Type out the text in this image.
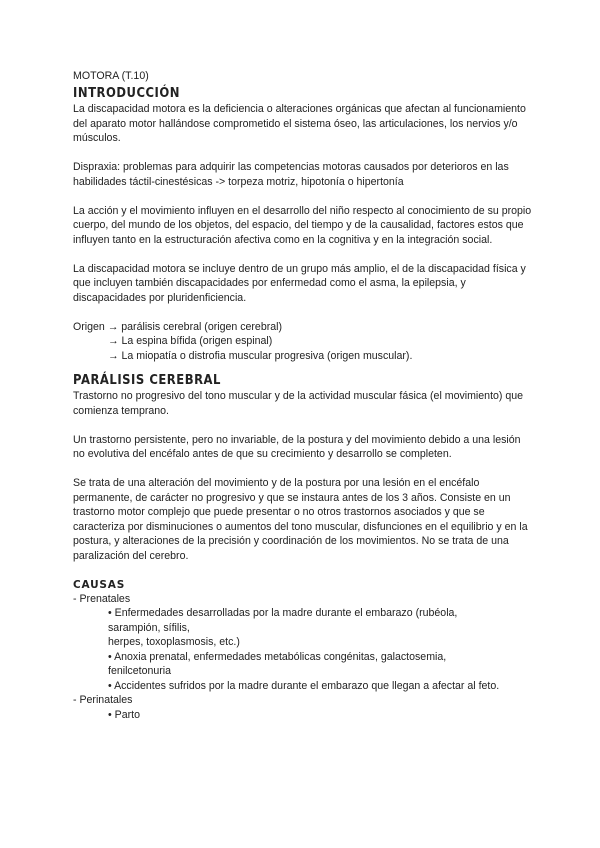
MOTORA (T.10)

INTRODUCCIÓN

La discapacidad motora es la deficiencia o alteraciones orgánicas que afectan al funcionamiento del aparato motor hallándose comprometido el sistema óseo, las articulaciones, los nervios y/o músculos.

Dispraxia: problemas para adquirir las competencias motoras causados por deterioros en las habilidades táctil-cinestésicas -> torpeza motriz, hipotonía o hipertonía

La acción y el movimiento influyen en el desarrollo del niño respecto al conocimiento de su propio cuerpo, del mundo de los objetos, del espacio, del tiempo y de la causalidad, factores estos que influyen tanto en la estructuración afectiva como en la cognitiva y en la integración social.

La discapacidad motora se incluye dentro de un grupo más amplio, el de la discapacidad física y que incluyen también discapacidades por enfermedad como el asma, la epilepsia, y discapacidades por pluridenficiencia.

Origen → parálisis cerebral (origen cerebral)

→ La espina bífida (origen espinal)

→ La miopatía o distrofia muscular progresiva (origen muscular).

PARÁLISIS CEREBRAL

Trastorno no progresivo del tono muscular y de la actividad muscular fásica (el movimiento) que comienza temprano.

Un trastorno persistente, pero no invariable, de la postura y del movimiento debido a una lesión no evolutiva del encéfalo antes de que su crecimiento y desarrollo se completen.

Se trata de una alteración del movimiento y de la postura por una lesión en el encéfalo permanente, de carácter no progresivo y que se instaura antes de los 3 años. Consiste en un trastorno motor complejo que puede presentar o no otros trastornos asociados y que se caracteriza por disminuciones o aumentos del tono muscular, disfunciones en el equilibrio y en la postura, y alteraciones de la precisión y coordinación de los movimientos. No se trata de una paralización del cerebro.

CAUSAS

- Prenatales

• Enfermedades desarrolladas por la madre durante el embarazo (rubéola,

sarampión, sífilis,

herpes, toxoplasmosis, etc.)

• Anoxia prenatal, enfermedades metabólicas congénitas, galactosemia,

fenilcetonuria

• Accidentes sufridos por la madre durante el embarazo que llegan a afectar al feto.

- Perinatales

• Parto
